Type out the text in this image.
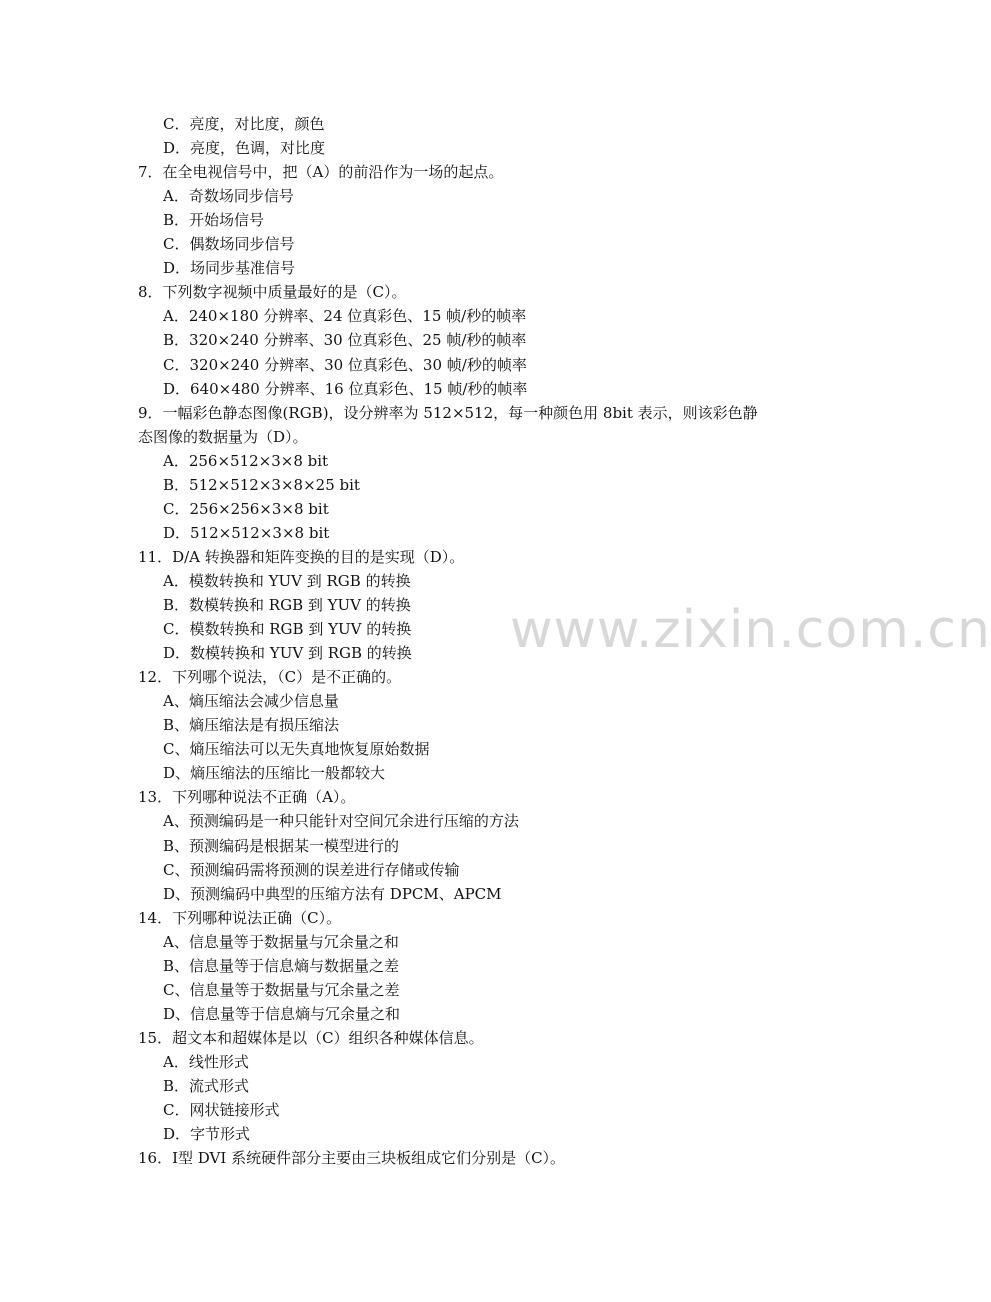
www.zixin.com.cn
C．亮度，对比度，颜色
D．亮度，色调，对比度
7．在全电视信号中，把（A）的前沿作为一场的起点。
A．奇数场同步信号
B．开始场信号
C．偶数场同步信号
D．场同步基准信号
8．下列数字视频中质量最好的是（C）。
A．240×180 分辨率、24 位真彩色、15 帧/秒的帧率
B．320×240 分辨率、30 位真彩色、25 帧/秒的帧率
C．320×240 分辨率、30 位真彩色、30 帧/秒的帧率
D．640×480 分辨率、16 位真彩色、15 帧/秒的帧率
9．一幅彩色静态图像(RGB)，设分辨率为 512×512，每一种颜色用 8bit 表示，则该彩色静
态图像的数据量为（D）。
A．256×512×3×8 bit
B．512×512×3×8×25 bit
C．256×256×3×8 bit
D．512×512×3×8 bit
11．D/A 转换器和矩阵变换的目的是实现（D）。
A．模数转换和 YUV 到 RGB 的转换
B．数模转换和 RGB 到 YUV 的转换
C．模数转换和 RGB 到 YUV 的转换
D．数模转换和 YUV 到 RGB 的转换
12．下列哪个说法，（C）是不正确的。
A、熵压缩法会减少信息量
B、熵压缩法是有损压缩法
C、熵压缩法可以无失真地恢复原始数据
D、熵压缩法的压缩比一般都较大
13．下列哪种说法不正确（A）。
A、预测编码是一种只能针对空间冗余进行压缩的方法
B、预测编码是根据某一模型进行的
C、预测编码需将预测的误差进行存储或传输
D、预测编码中典型的压缩方法有 DPCM、APCM
14．下列哪种说法正确（C）。
A、信息量等于数据量与冗余量之和
B、信息量等于信息熵与数据量之差
C、信息量等于数据量与冗余量之差
D、信息量等于信息熵与冗余量之和
15．超文本和超媒体是以（C）组织各种媒体信息。
A．线性形式
B．流式形式
C．网状链接形式
D．字节形式
16．I型 DVI 系统硬件部分主要由三块板组成它们分别是（C）。
